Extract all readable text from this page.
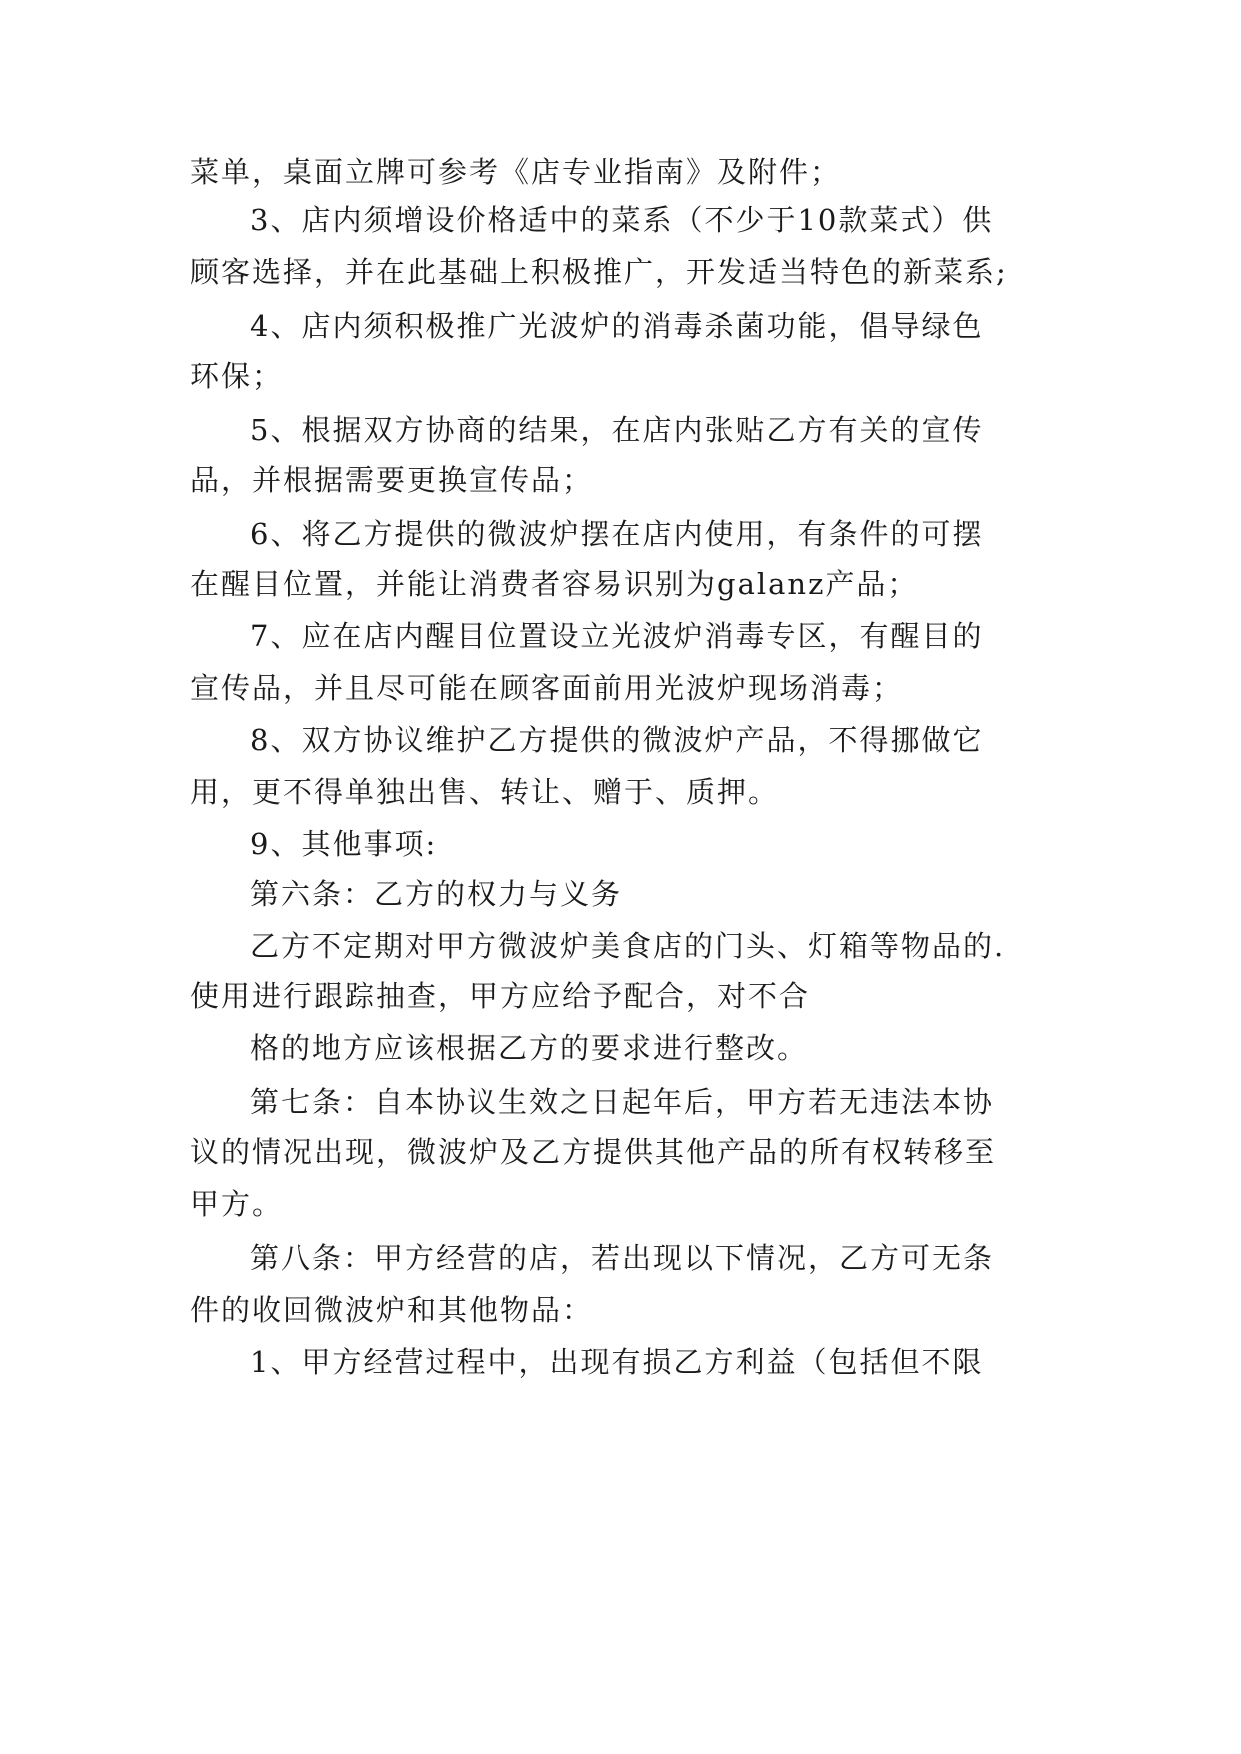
菜单，桌面立牌可参考《店专业指南》及附件；
3、店内须增设价格适中的菜系（不少于10款菜式）供
顾客选择，并在此基础上积极推广，开发适当特色的新菜系;
4、店内须积极推广光波炉的消毒杀菌功能，倡导绿色
环保；
5、根据双方协商的结果，在店内张贴乙方有关的宣传
品，并根据需要更换宣传品；
6、将乙方提供的微波炉摆在店内使用，有条件的可摆
在醒目位置，并能让消费者容易识别为galanz产品；
7、应在店内醒目位置设立光波炉消毒专区，有醒目的
宣传品，并且尽可能在顾客面前用光波炉现场消毒；
8、双方协议维护乙方提供的微波炉产品，不得挪做它
用，更不得单独出售、转让、赠于、质押。
9、其他事项:
第六条：乙方的权力与义务
乙方不定期对甲方微波炉美食店的门头、灯箱等物品的.
使用进行跟踪抽查，甲方应给予配合，对不合
格的地方应该根据乙方的要求进行整改。
第七条：自本协议生效之日起年后，甲方若无违法本协
议的情况出现，微波炉及乙方提供其他产品的所有权转移至
甲方。
第八条：甲方经营的店，若出现以下情况，乙方可无条
件的收回微波炉和其他物品：
1、甲方经营过程中，出现有损乙方利益（包括但不限
